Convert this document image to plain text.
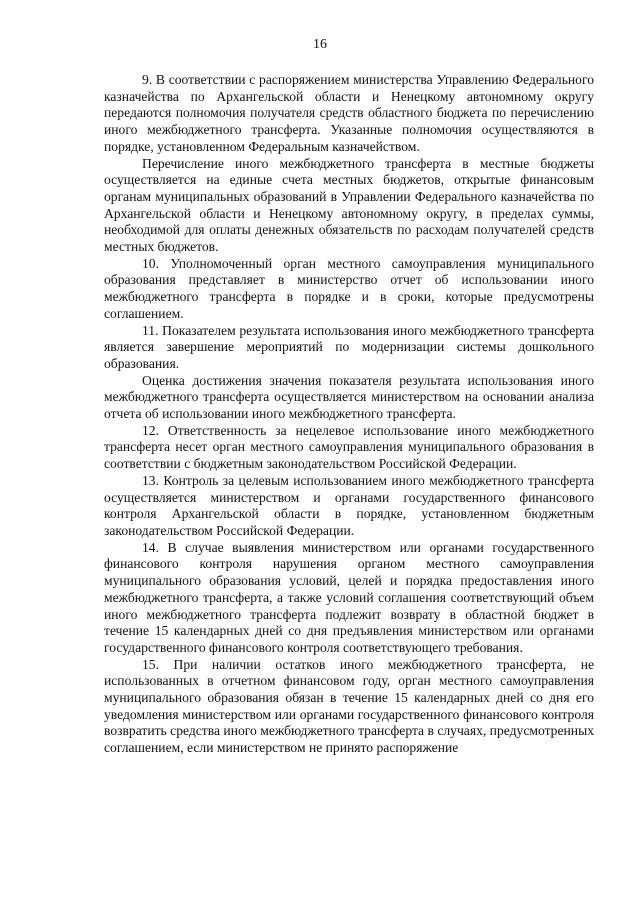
16

9. В соответствии с распоряжением министерства Управлению Федерального казначейства по Архангельской области и Ненецкому автономному округу передаются полномочия получателя средств областного бюджета по перечислению иного межбюджетного трансферта. Указанные полномочия осуществляются в порядке, установленном Федеральным казначейством.

Перечисление иного межбюджетного трансферта в местные бюджеты осуществляется на единые счета местных бюджетов, открытые финансовым органам муниципальных образований в Управлении Федерального казначейства по Архангельской области и Ненецкому автономному округу, в пределах суммы, необходимой для оплаты денежных обязательств по расходам получателей средств местных бюджетов.

10. Уполномоченный орган местного самоуправления муниципального образования представляет в министерство отчет об использовании иного межбюджетного трансферта в порядке и в сроки, которые предусмотрены соглашением.

11. Показателем результата использования иного межбюджетного трансферта является завершение мероприятий по модернизации системы дошкольного образования.

Оценка достижения значения показателя результата использования иного межбюджетного трансферта осуществляется министерством на основании анализа отчета об использовании иного межбюджетного трансферта.

12. Ответственность за нецелевое использование иного межбюджетного трансферта несет орган местного самоуправления муниципального образования в соответствии с бюджетным законодательством Российской Федерации.

13. Контроль за целевым использованием иного межбюджетного трансферта осуществляется министерством и органами государственного финансового контроля Архангельской области в порядке, установленном бюджетным законодательством Российской Федерации.

14. В случае выявления министерством или органами государственного финансового контроля нарушения органом местного самоуправления муниципального образования условий, целей и порядка предоставления иного межбюджетного трансферта, а также условий соглашения соответствующий объем иного межбюджетного трансферта подлежит возврату в областной бюджет в течение 15 календарных дней со дня предъявления министерством или органами государственного финансового контроля соответствующего требования.

15. При наличии остатков иного межбюджетного трансферта, не использованных в отчетном финансовом году, орган местного самоуправления муниципального образования обязан в течение 15 календарных дней со дня его уведомления министерством или органами государственного финансового контроля возвратить средства иного межбюджетного трансферта в случаях, предусмотренных соглашением, если министерством не принято распоряжение
